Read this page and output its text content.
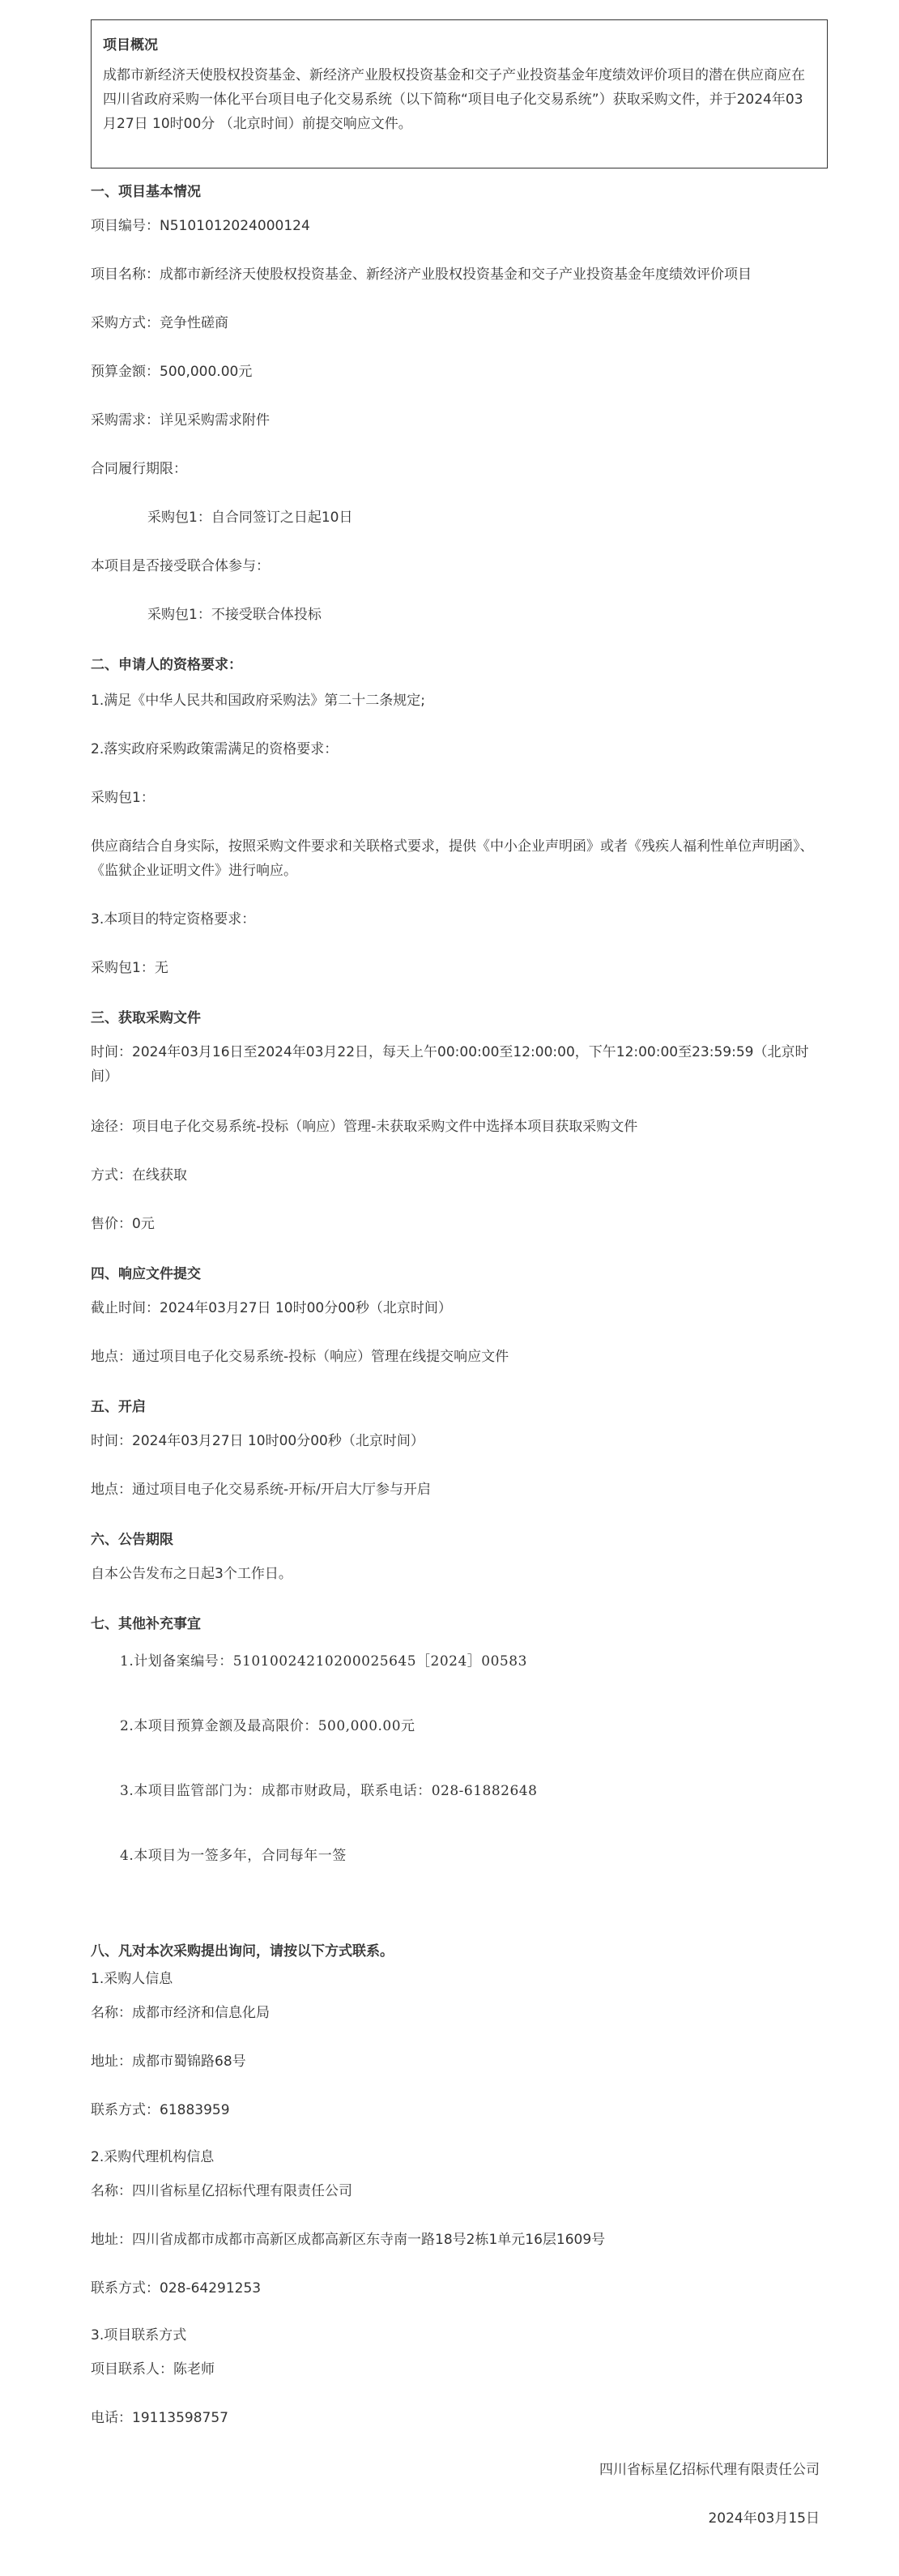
项目概况
成都市新经济天使股权投资基金、新经济产业股权投资基金和交子产业投资基金年度绩效评价项目的潜在供应商应在四川省政府采购一体化平台项目电子化交易系统（以下简称“项目电子化交易系统”）获取采购文件，并于2024年03月27日 10时00分 （北京时间）前提交响应文件。
一、项目基本情况
项目编号：N5101012024000124
项目名称：成都市新经济天使股权投资基金、新经济产业股权投资基金和交子产业投资基金年度绩效评价项目
采购方式：竞争性磋商
预算金额：500,000.00元
采购需求：详见采购需求附件
合同履行期限：
采购包1：自合同签订之日起10日
本项目是否接受联合体参与：
采购包1：不接受联合体投标
二、申请人的资格要求：
1.满足《中华人民共和国政府采购法》第二十二条规定;
2.落实政府采购政策需满足的资格要求：
采购包1：
供应商结合自身实际，按照采购文件要求和关联格式要求，提供《中小企业声明函》或者《残疾人福利性单位声明函》、《监狱企业证明文件》进行响应。
3.本项目的特定资格要求：
采购包1：无
三、获取采购文件
时间：2024年03月16日至2024年03月22日，每天上午00:00:00至12:00:00，下午12:00:00至23:59:59（北京时间）
途径：项目电子化交易系统-投标（响应）管理-未获取采购文件中选择本项目获取采购文件
方式：在线获取
售价：0元
四、响应文件提交
截止时间：2024年03月27日 10时00分00秒（北京时间）
地点：通过项目电子化交易系统-投标（响应）管理在线提交响应文件
五、开启
时间：2024年03月27日 10时00分00秒（北京时间）
地点：通过项目电子化交易系统-开标/开启大厅参与开启
六、公告期限
自本公告发布之日起3个工作日。
七、其他补充事宜
1.计划备案编号：5101002421020002​5645［2024］00583
2.本项目预算金额及最高限价：500,000.00元
3.本项目监管部门为：成都市财政局，联系电话：028-61882648
4.本项目为一签多年，合同每年一签
八、凡对本次采购提出询问，请按以下方式联系。
1.采购人信息
名称：成都市经济和信息化局
地址：成都市蜀锦路68号
联系方式：61883959
2.采购代理机构信息
名称：四川省标星亿招标代理有限责任公司
地址：四川省成都市成都市高新区成都高新区东寺南一路18号2栋1单元16层1609号
联系方式：028-64291253
3.项目联系方式
项目联系人：陈老师
电话：19113598757
四川省标星亿招标代理有限责任公司
2024年03月15日
